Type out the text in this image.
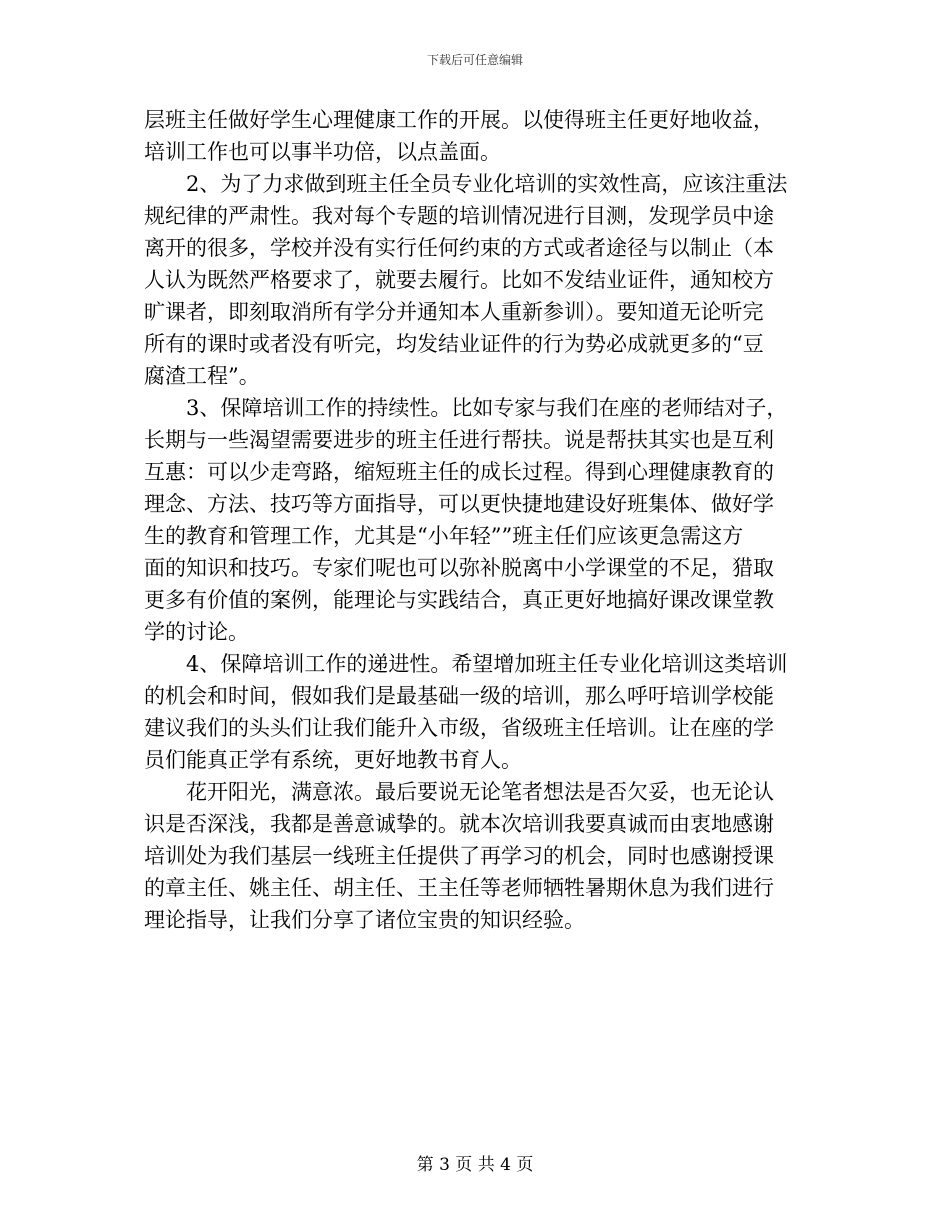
下载后可任意编辑
层班主任做好学生心理健康工作的开展。以使得班主任更好地收益，
培训工作也可以事半功倍，以点盖面。
2、为了力求做到班主任全员专业化培训的实效性高，应该注重法
规纪律的严肃性。我对每个专题的培训情况进行目测，发现学员中途
离开的很多，学校并没有实行任何约束的方式或者途径与以制止（本
人认为既然严格要求了，就要去履行。比如不发结业证件，通知校方
旷课者，即刻取消所有学分并通知本人重新参训）。要知道无论听完
所有的课时或者没有听完，均发结业证件的行为势必成就更多的“豆
腐渣工程”。
3、保障培训工作的持续性。比如专家与我们在座的老师结对子，
长期与一些渴望需要进步的班主任进行帮扶。说是帮扶其实也是互利
互惠：可以少走弯路，缩短班主任的成长过程。得到心理健康教育的
理念、方法、技巧等方面指导，可以更快捷地建设好班集体、做好学
生的教育和管理工作，尤其是“小年轻””班主任们应该更急需这方
面的知识和技巧。专家们呢也可以弥补脱离中小学课堂的不足，猎取
更多有价值的案例，能理论与实践结合，真正更好地搞好课改课堂教
学的讨论。
4、保障培训工作的递进性。希望增加班主任专业化培训这类培训
的机会和时间，假如我们是最基础一级的培训，那么呼吁培训学校能
建议我们的头头们让我们能升入市级，省级班主任培训。让在座的学
员们能真正学有系统，更好地教书育人。
花开阳光，满意浓。最后要说无论笔者想法是否欠妥，也无论认
识是否深浅，我都是善意诚挚的。就本次培训我要真诚而由衷地感谢
培训处为我们基层一线班主任提供了再学习的机会，同时也感谢授课
的章主任、姚主任、胡主任、王主任等老师牺牲暑期休息为我们进行
理论指导，让我们分享了诸位宝贵的知识经验。
第 3 页 共 4 页
